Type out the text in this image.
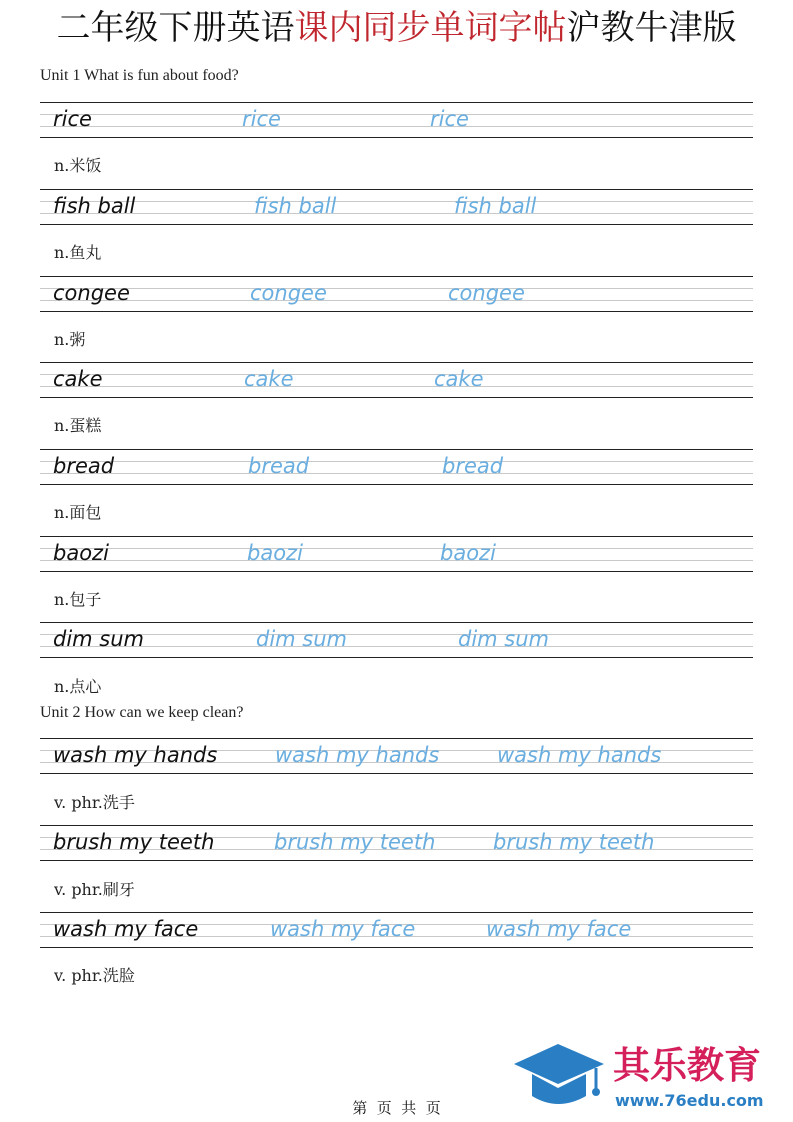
二年级下册英语课内同步单词字帖沪教牛津版
Unit 1 What is fun about food?
rice	rice	rice
n.米饭
fish ball	fish ball	fish ball
n.鱼丸
congee	congee	congee
n.粥
cake	cake	cake
n.蛋糕
bread	bread	bread
n.面包
baozi	baozi	baozi
n.包子
dim sum	dim sum	dim sum
n.点心
Unit 2 How can we keep clean?
wash my hands	wash my hands	wash my hands
v. phr.洗手
brush my teeth	brush my teeth	brush my teeth
v. phr.刷牙
wash my face	wash my face	wash my face
v. phr.洗脸
其乐教育
www.76edu.com
第  页  共  页
